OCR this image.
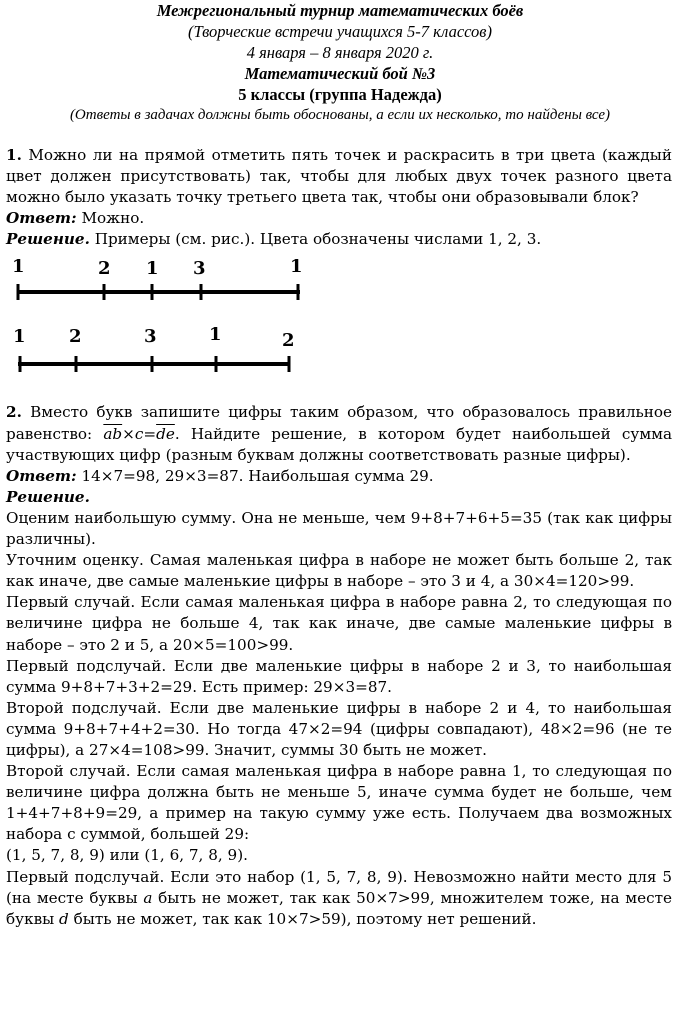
Межрегиональный турнир математических боёв
(Творческие встречи учащихся 5-7 классов)
4 января – 8 января 2020 г.
Математический бой №3
5 классы (группа Надежда)
(Ответы в задачах должны быть обоснованы, а если их несколько, то найдены все)

1. Можно ли на прямой отметить пять точек и раскрасить в три цвета (каждый цвет должен присутствовать) так, чтобы для любых двух точек разного цвета можно было указать точку третьего цвета так, чтобы они образовывали блок?

Ответ: Можно.

Решение. Примеры (см. рис.). Цвета обозначены числами 1, 2, 3.

1	2 1 3	1
1 2	3	1	2

2. Вместо букв запишите цифры таким образом, что образовалось правильное равенство: $\overline{ab}\times c=\overline{de}$. Найдите решение, в котором будет наибольшей сумма участвующих цифр (разным буквам должны соответствовать разные цифры).

Ответ: 14×7=98, 29×3=87. Наибольшая сумма 29.

Решение.

Оценим наибольшую сумму. Она не меньше, чем 9+8+7+6+5=35 (так как цифры различны).

Уточним оценку. Самая маленькая цифра в наборе не может быть больше 2, так как иначе, две самые маленькие цифры в наборе – это 3 и 4, а 30×4=120>99.

Первый случай. Если самая маленькая цифра в наборе равна 2, то следующая по величине цифра не больше 4, так как иначе, две самые маленькие цифры в наборе – это 2 и 5, а 20×5=100>99.

Первый подслучай. Если две маленькие цифры в наборе 2 и 3, то наибольшая сумма 9+8+7+3+2=29. Есть пример: 29×3=87.

Второй подслучай. Если две маленькие цифры в наборе 2 и 4, то наибольшая сумма 9+8+7+4+2=30. Но тогда 47×2=94 (цифры совпадают), 48×2=96 (не те цифры), а 27×4=108>99. Значит, суммы 30 быть не может.

Второй случай. Если самая маленькая цифра в наборе равна 1, то следующая по величине цифра должна быть не меньше 5, иначе сумма будет не больше, чем 1+4+7+8+9=29, а пример на такую сумму уже есть. Получаем два возможных набора с суммой, большей 29:

(1, 5, 7, 8, 9) или (1, 6, 7, 8, 9).

Первый подслучай. Если это набор (1, 5, 7, 8, 9). Невозможно найти место для 5 (на месте буквы a быть не может, так как 50×7>99, множителем тоже, на месте буквы d быть не может, так как 10×7>59), поэтому нет решений.
